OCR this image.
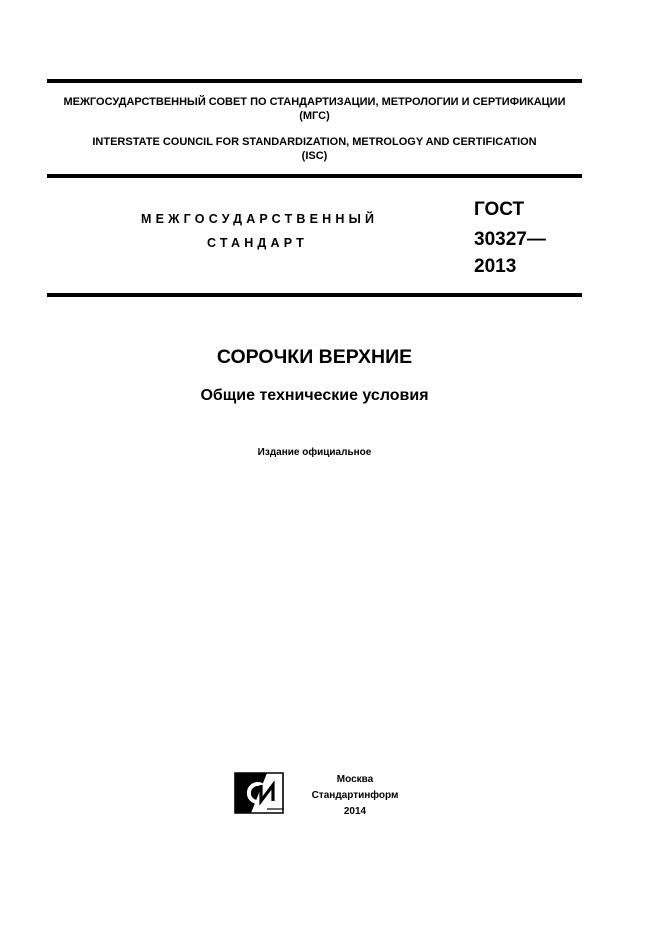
МЕЖГОСУДАРСТВЕННЫЙ СОВЕТ ПО СТАНДАРТИЗАЦИИ, МЕТРОЛОГИИ И СЕРТИФИКАЦИИ
(МГС)
INTERSTATE COUNCIL FOR STANDARDIZATION, METROLOGY AND CERTIFICATION
(ISC)
МЕЖГОСУДАРСТВЕННЫЙ
СТАНДАРТ
ГОСТ
30327—
2013
СОРОЧКИ ВЕРХНИЕ
Общие технические условия
Издание официальное
Москва
Стандартинформ
2014
